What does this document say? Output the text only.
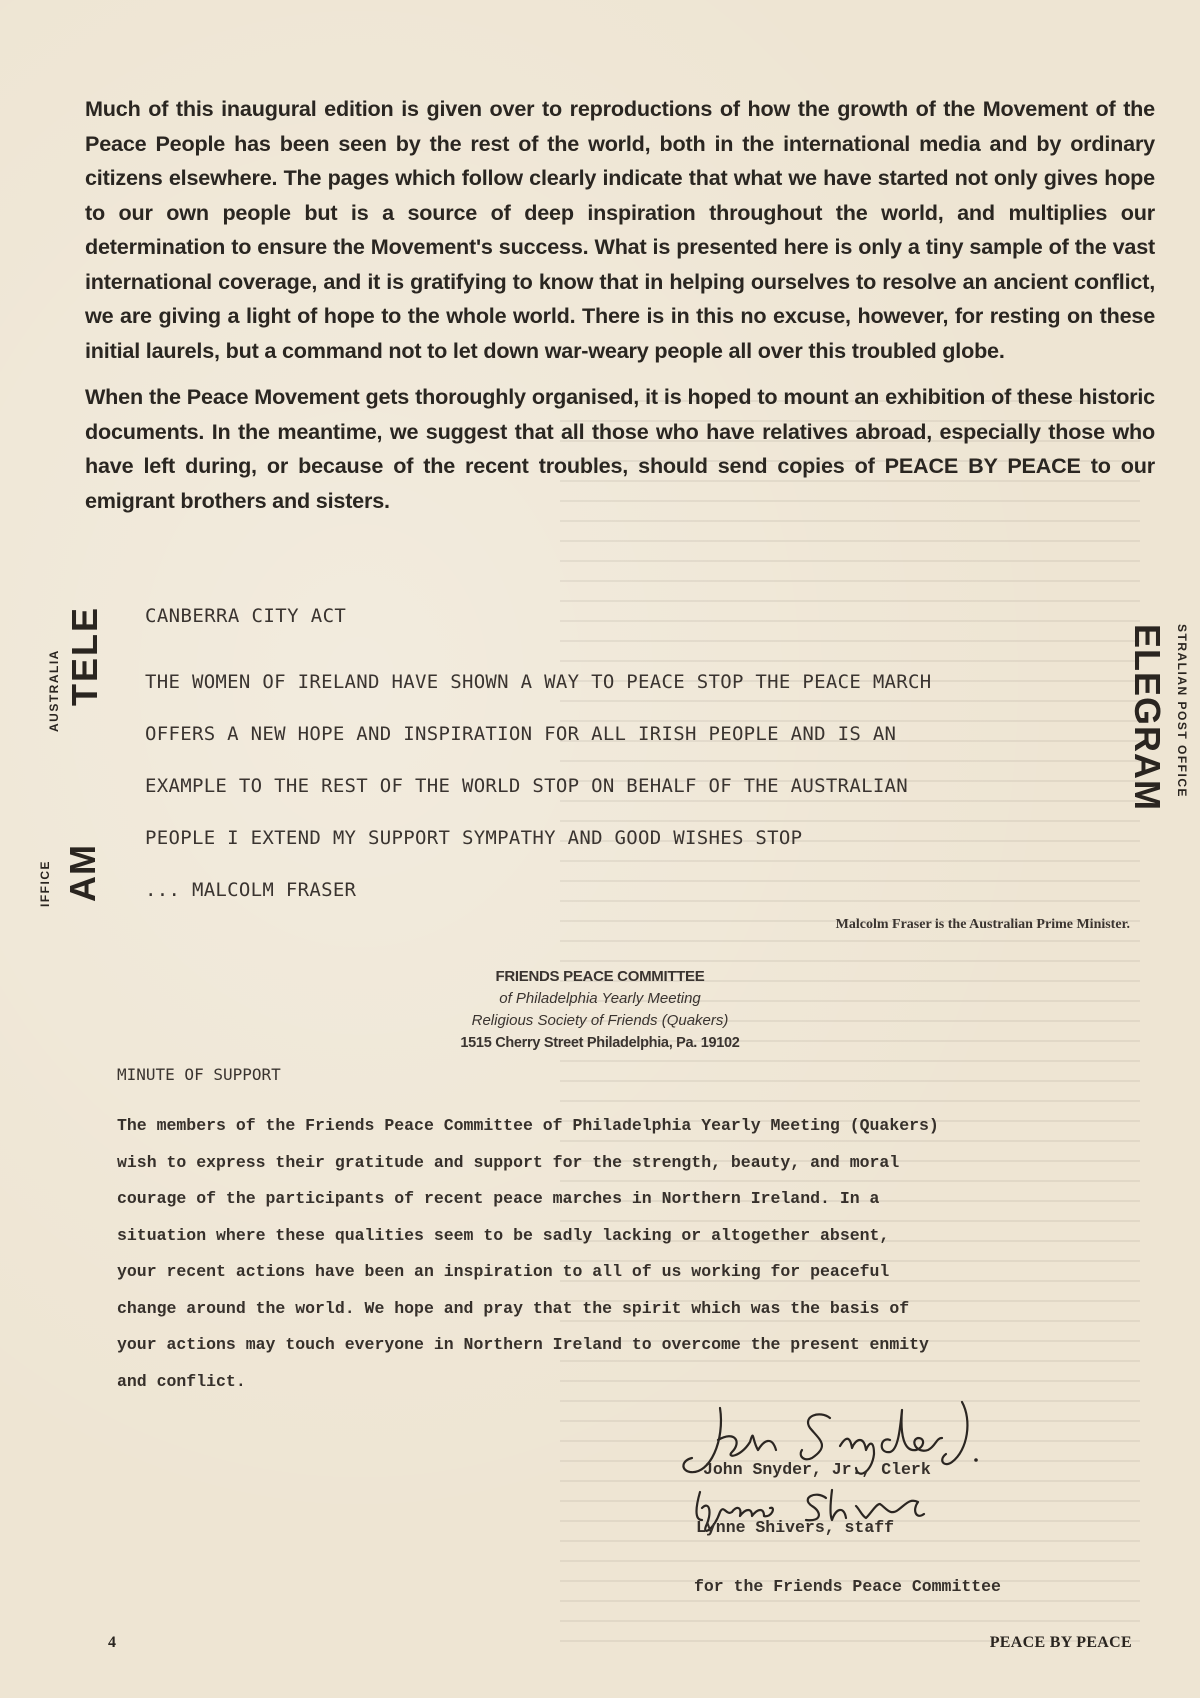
Much of this inaugural edition is given over to reproductions of how the growth of the Movement of the Peace People has been seen by the rest of the world, both in the international media and by ordinary citizens elsewhere. The pages which follow clearly indicate that what we have started not only gives hope to our own people but is a source of deep inspiration throughout the world, and multiplies our determination to ensure the Movement's success. What is presented here is only a tiny sample of the vast international coverage, and it is gratifying to know that in helping ourselves to resolve an ancient conflict, we are giving a light of hope to the whole world. There is in this no excuse, however, for resting on these initial laurels, but a command not to let down war-weary people all over this troubled globe.

When the Peace Movement gets thoroughly organised, it is hoped to mount an exhibition of these historic documents. In the meantime, we suggest that all those who have relatives abroad, especially those who have left during, or because of the recent troubles, should send copies of PEACE BY PEACE to our emigrant brothers and sisters.

AUSTRALIA TELE
IFFICE AM
STRALIAN POST OFFICE
ELEGRAM
CANBERRA CITY ACT
THE WOMEN OF IRELAND HAVE SHOWN A WAY TO PEACE STOP THE PEACE MARCH
OFFERS A NEW HOPE AND INSPIRATION FOR ALL IRISH PEOPLE AND IS AN
EXAMPLE TO THE REST OF THE WORLD STOP ON BEHALF OF THE AUSTRALIAN
PEOPLE I EXTEND MY SUPPORT SYMPATHY AND GOOD WISHES STOP
... MALCOLM FRASER
Malcolm Fraser is the Australian Prime Minister.
FRIENDS PEACE COMMITTEE
of Philadelphia Yearly Meeting
Religious Society of Friends (Quakers)
1515 Cherry Street Philadelphia, Pa. 19102
MINUTE OF SUPPORT
The members of the Friends Peace Committee of Philadelphia Yearly Meeting (Quakers)
wish to express their gratitude and support for the strength, beauty, and moral
courage of the participants of recent peace marches in Northern Ireland. In a
situation where these qualities seem to be sadly lacking or altogether absent,
your recent actions have been an inspiration to all of us working for peaceful
change around the world. We hope and pray that the spirit which was the basis of
your actions may touch everyone in Northern Ireland to overcome the present enmity
and conflict.
John Snyder, Jr., Clerk
Lynne Shivers, staff
for the Friends Peace Committee
4	PEACE BY PEACE
